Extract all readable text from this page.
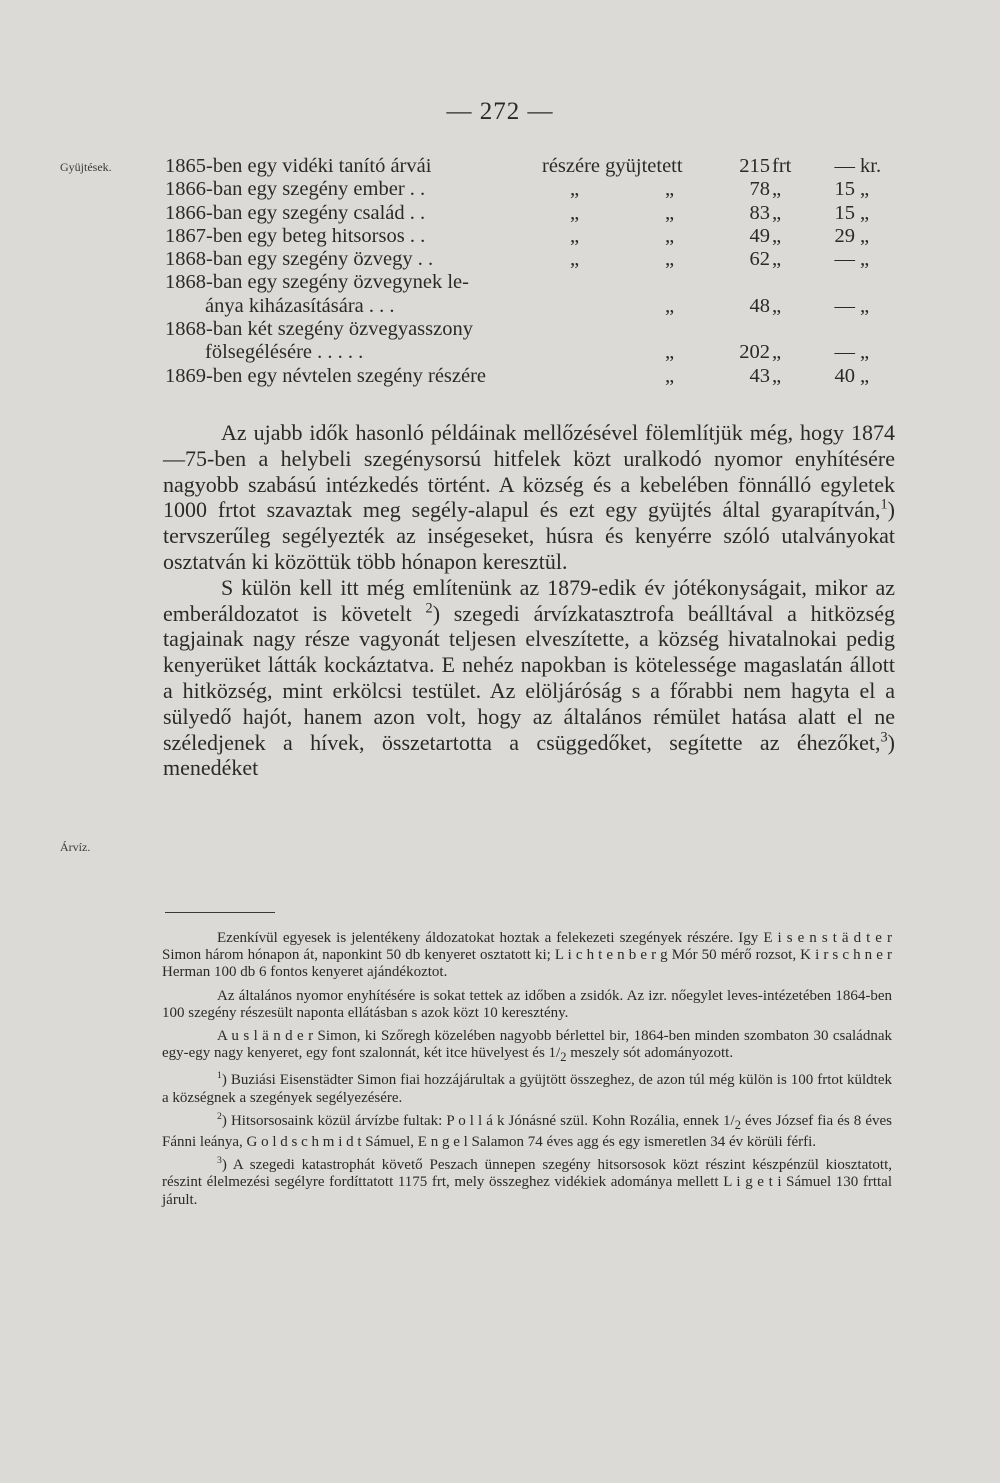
— 272 —
Gyüjtések.
Árvíz.
1865-ben egy vidéki tanító árvái	részére gyüjtetett	215 frt	— kr.
1866-ban egy szegény ember . .	„	„	78 „	15 „
1866-ban egy szegény család . .	„	„	83 „	15 „
1867-ben egy beteg hitsorsos . .	„	„	49 „	29 „
1868-ban egy szegény özvegy . .	„	„	62 „	— „
1868-ban egy szegény özvegynek le-
ánya kiházasítására . . .	„	48 „	— „
1868-ban két szegény özvegyasszony
fölsegélésére . . . . .	„	202 „	— „
1869-ben egy névtelen szegény részére	„	43 „	40 „

Az ujabb idők hasonló példáinak mellőzésével fölemlítjük még, hogy 1874—75-ben a helybeli szegénysorsú hitfelek közt uralkodó nyomor enyhítésére nagyobb szabású intézkedés történt. A község és a kebelében fönnálló egyletek 1000 frtot szavaztak meg segély-alapul és ezt egy gyüjtés által gyarapítván,$^1$) tervszerűleg segélyezték az inségeseket, húsra és kenyérre szóló utalványokat osztatván ki közöttük több hónapon keresztül.

S külön kell itt még említenünk az 1879-edik év jótékonyságait, mikor az emberáldozatot is követelt $^2$) szegedi árvízkatasztrofa beálltával a hitközség tagjainak nagy része vagyonát teljesen elveszítette, a község hivatalnokai pedig kenyerüket látták kockáztatva. E nehéz napokban is kötelessége magaslatán állott a hitközség, mint erkölcsi testület. Az elöljáróság s a főrabbi nem hagyta el a sülyedő hajót, hanem azon volt, hogy az általános rémület hatása alatt el ne széledjenek a hívek, összetartotta a csüggedőket, segítette az éhezőket,$^3$) menedéket

Ezenkívül egyesek is jelentékeny áldozatokat hoztak a felekezeti szegények részére. Igy E i s e n s t ä d t e r Simon három hónapon át, naponkint 50 db kenyeret osztatott ki; L i c h t e n b e r g Mór 50 mérő rozsot, K i r s c h n e r Herman 100 db 6 fontos kenyeret ajándékoztot.

Az általános nyomor enyhítésére is sokat tettek az időben a zsidók. Az izr. nőegylet leves-intézetében 1864-ben 100 szegény részesült naponta ellátásban s azok közt 10 keresztény.

A u s l ä n d e r Simon, ki Szőregh közelében nagyobb bérlettel bir, 1864-ben minden szombaton 30 családnak egy-egy nagy kenyeret, egy font szalonnát, két itce hüvelyest és $1/_2$ meszely sót adományozott.

$^1$) Buziási Eisenstädter Simon fiai hozzájárultak a gyüjtött összeghez, de azon túl még külön is 100 frtot küldtek a községnek a szegények segélyezésére.

$^2$) Hitsorsosaink közül árvízbe fultak: P o l l á k Jónásné szül. Kohn Rozália, ennek $1/_2$ éves József fia és 8 éves Fánni leánya, G o l d s c h m i d t Sámuel, E n g e l Salamon 74 éves agg és egy ismeretlen 34 év körüli férfi.

$^3$) A szegedi katastrophát követő Peszach ünnepen szegény hitsorsosok közt részint készpénzül kiosztatott, részint élelmezési segélyre fordíttatott 1175 frt, mely összeghez vidékiek adománya mellett L i g e t i Sámuel 130 frttal járult.
